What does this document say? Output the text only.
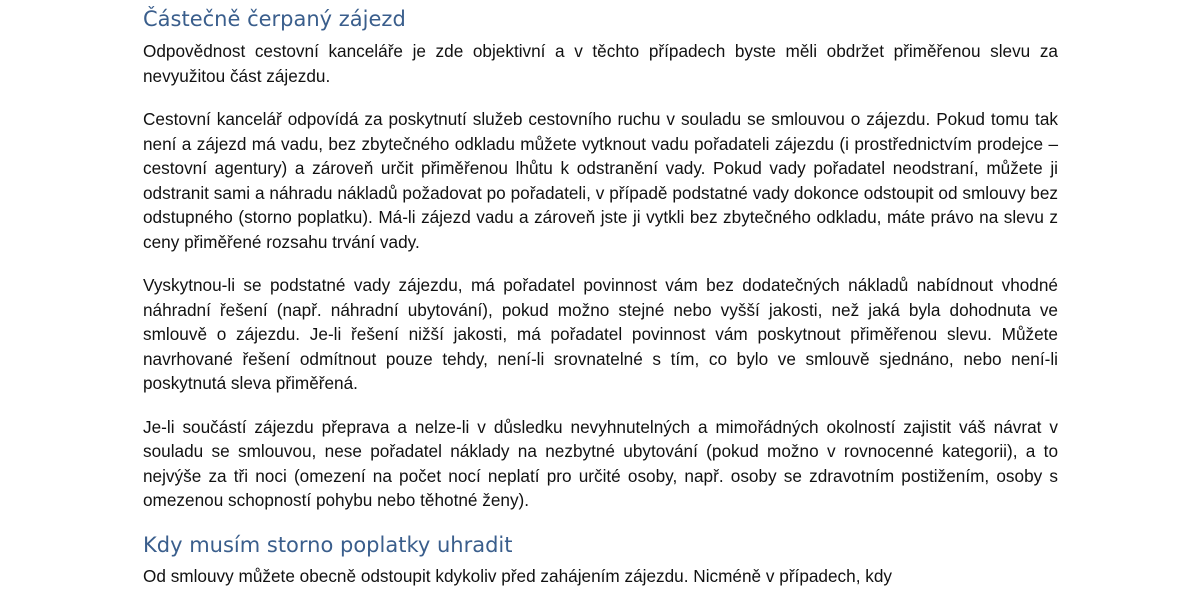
Částečně čerpaný zájezd

Odpovědnost cestovní kanceláře je zde objektivní a v těchto případech byste měli obdržet přiměřenou slevu za nevyužitou část zájezdu.

Cestovní kancelář odpovídá za poskytnutí služeb cestovního ruchu v souladu se smlouvou o zájezdu. Pokud tomu tak není a zájezd má vadu, bez zbytečného odkladu můžete vytknout vadu pořadateli zájezdu (i prostřednictvím prodejce – cestovní agentury) a zároveň určit přiměřenou lhůtu k odstranění vady. Pokud vady pořadatel neodstraní, můžete ji odstranit sami a náhradu nákladů požadovat po pořadateli, v případě podstatné vady dokonce odstoupit od smlouvy bez odstupného (storno poplatku). Má-li zájezd vadu a zároveň jste ji vytkli bez zbytečného odkladu, máte právo na slevu z ceny přiměřené rozsahu trvání vady.

Vyskytnou-li se podstatné vady zájezdu, má pořadatel povinnost vám bez dodatečných nákladů nabídnout vhodné náhradní řešení (např. náhradní ubytování), pokud možno stejné nebo vyšší jakosti, než jaká byla dohodnuta ve smlouvě o zájezdu. Je-li řešení nižší jakosti, má pořadatel povinnost vám poskytnout přiměřenou slevu. Můžete navrhované řešení odmítnout pouze tehdy, není-li srovnatelné s tím, co bylo ve smlouvě sjednáno, nebo není-li poskytnutá sleva přiměřená.

Je-li součástí zájezdu přeprava a nelze-li v důsledku nevyhnutelných a mimořádných okolností zajistit váš návrat v souladu se smlouvou, nese pořadatel náklady na nezbytné ubytování (pokud možno v rovnocenné kategorii), a to nejvýše za tři noci (omezení na počet nocí neplatí pro určité osoby, např. osoby se zdravotním postižením, osoby s omezenou schopností pohybu nebo těhotné ženy).

Kdy musím storno poplatky uhradit

Od smlouvy můžete obecně odstoupit kdykoliv před zahájením zájezdu. Nicméně v případech, kdy
